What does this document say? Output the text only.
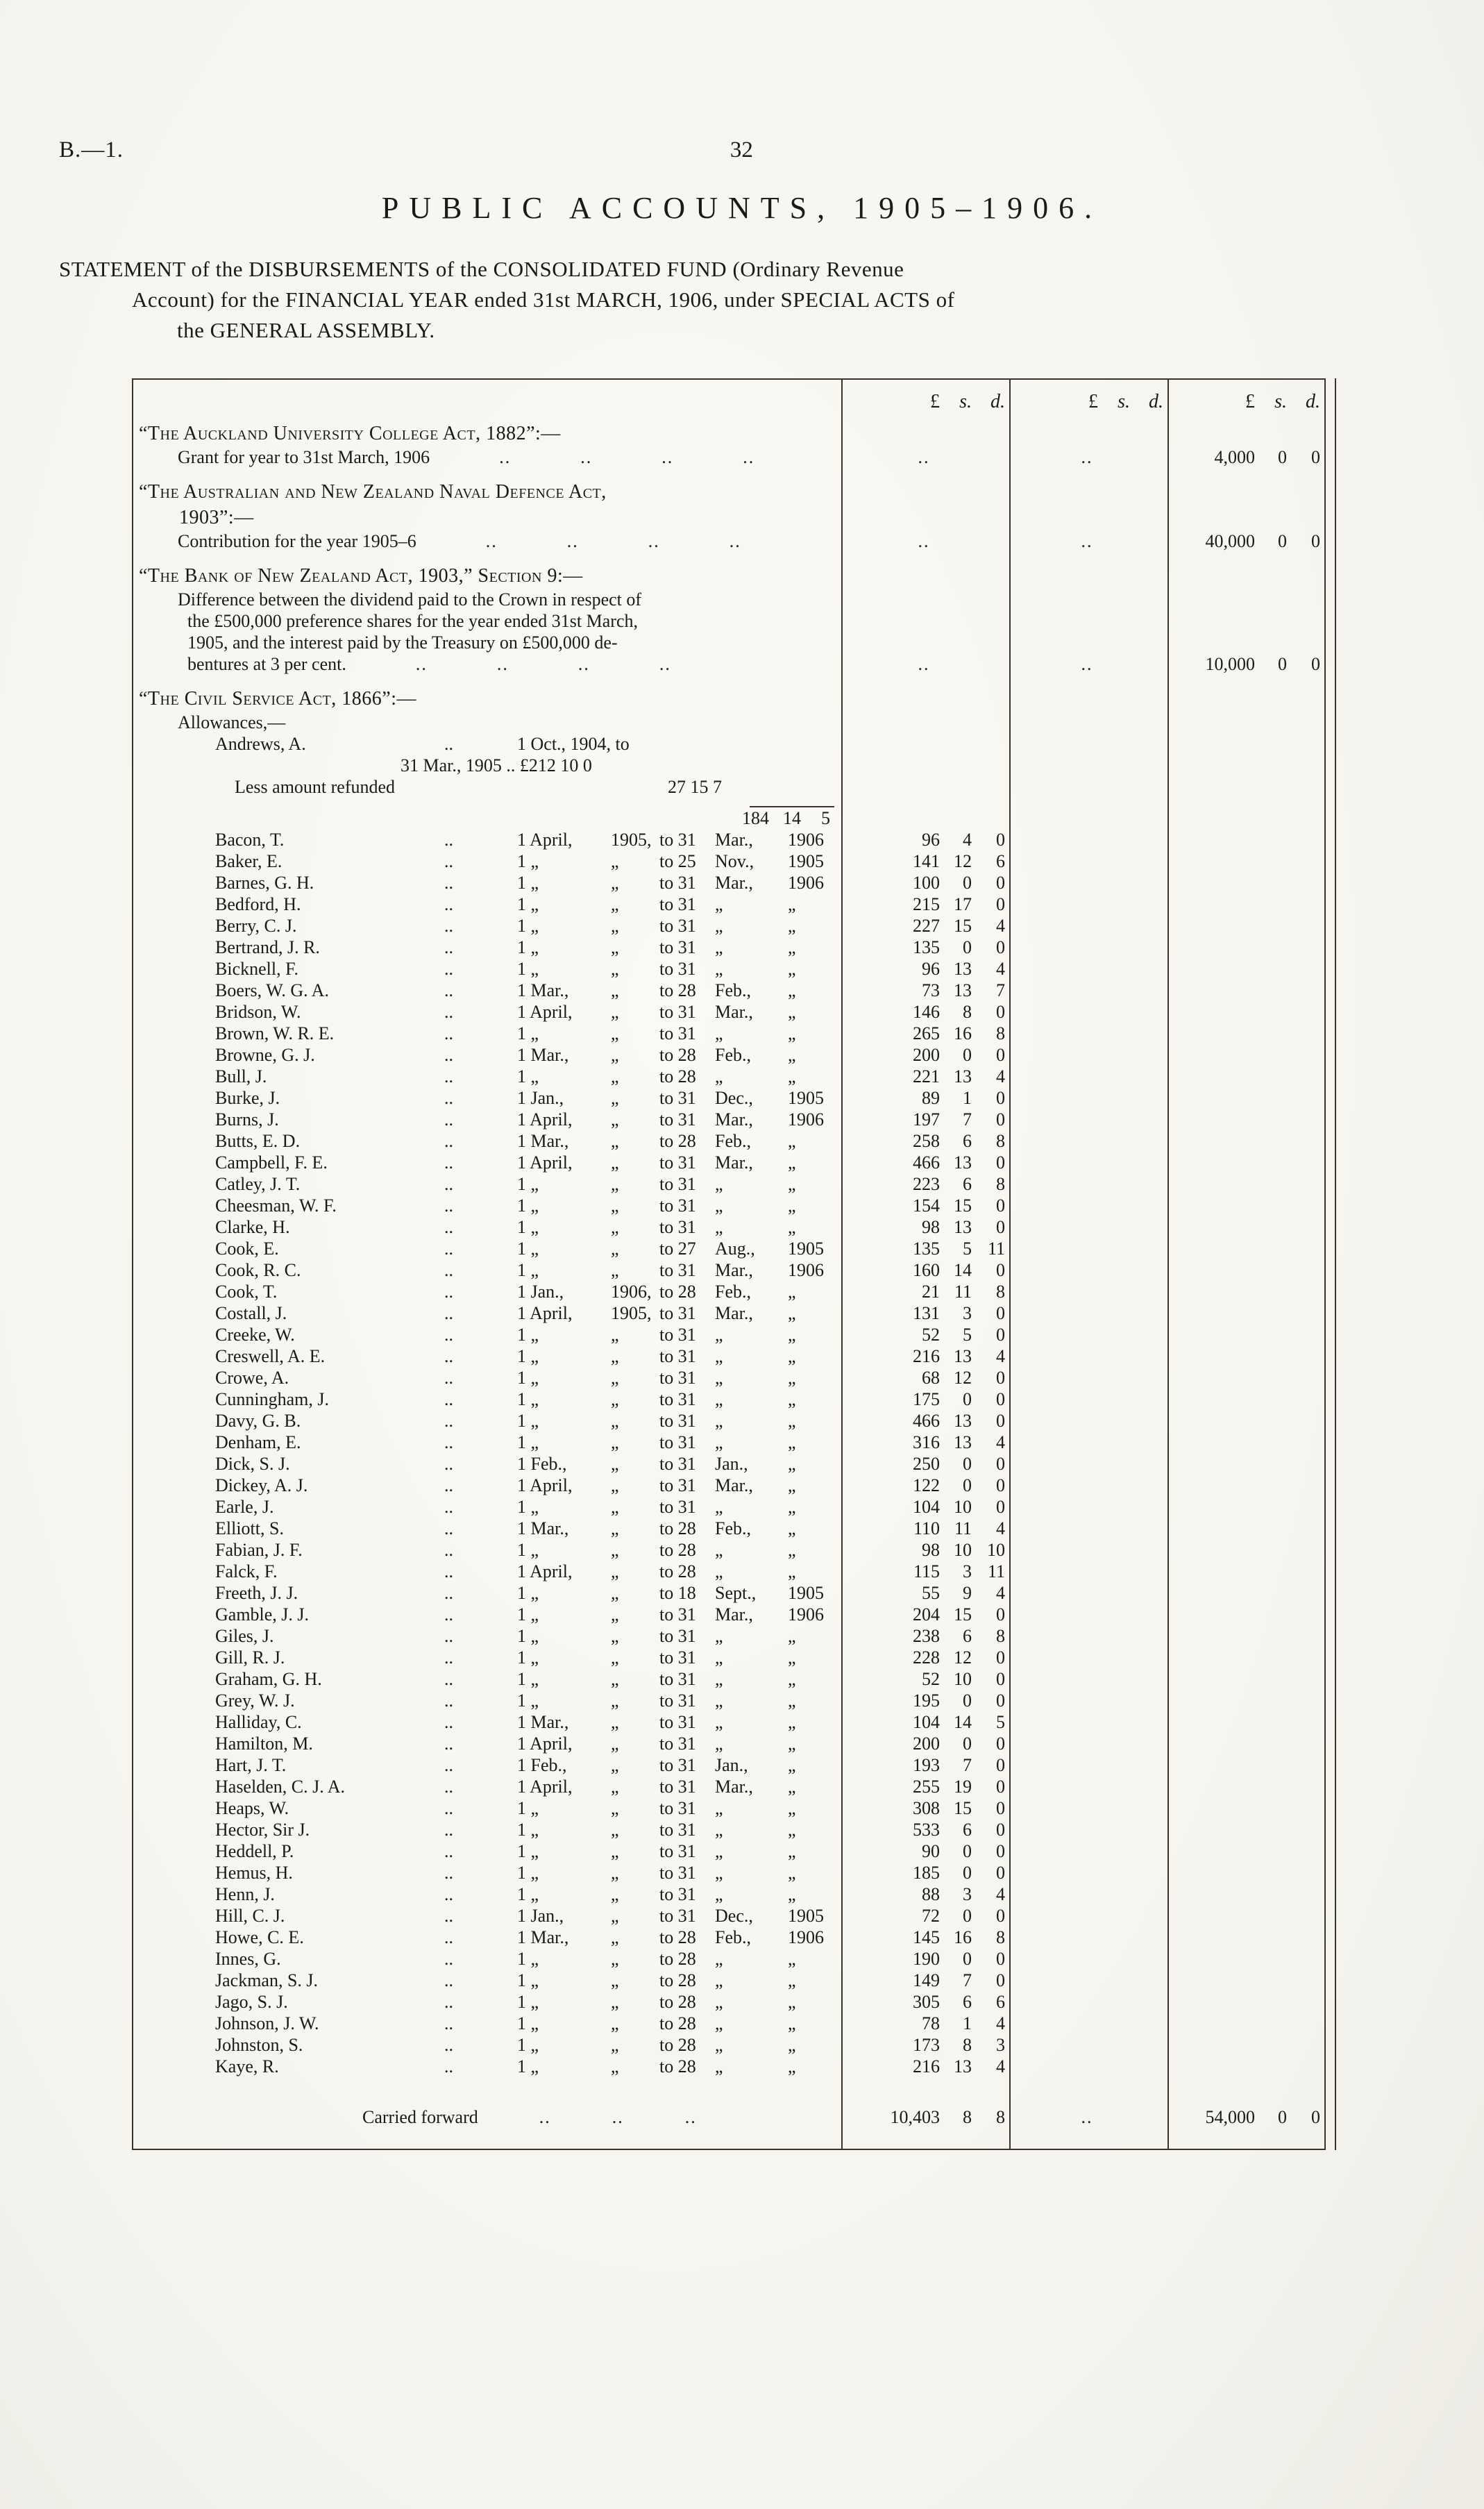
B.—1.	32
PUBLIC ACCOUNTS, 1905–1906.

STATEMENT of the DISBURSEMENTS of the CONSOLIDATED FUND (Ordinary Revenue
Account) for the FINANCIAL YEAR ended 31st MARCH, 1906, under SPECIAL ACTS of
the GENERAL ASSEMBLY.

£	s. d.	£	s. d.	£	s. d.
“The Auckland University College Act, 1882”:—
Grant for year to 31st March, 1906	..	..	..	..	..	..	4,000	0	0
“The Australian and New Zealand Naval Defence Act,
1903”:—
Contribution for the year 1905–6	..	..	..	..	..	..	40,000	0	0
“The Bank of New Zealand Act, 1903,” Section 9:—
Difference between the dividend paid to the Crown in respect of
the £500,000 preference shares for the year ended 31st March,
1905, and the interest paid by the Treasury on £500,000 de-
bentures at 3 per cent.	..	..	..	..	..	..	10,000	0	0
“The Civil Service Act, 1866”:—
Allowances,—
Andrews, A.	..	1 Oct., 1904, to
31 Mar., 1905 .. £212 10 0
Less amount refunded	27 15 7
184 14	5
Bacon, T.	..	1 April,	1905, to 31	Mar.,	1906	96	4	0
Baker, E.	..	1 „	„	to 25	Nov.,	1905	141 12	6
Barnes, G. H.	..	1 „	„	to 31	Mar.,	1906	100	0	0
Bedford, H.	..	1 „	„	to 31	„	„	215 17	0
Berry, C. J.	..	1 „	„	to 31	„	„	227 15	4
Bertrand, J. R.	..	1 „	„	to 31	„	„	135	0	0
Bicknell, F.	..	1 „	„	to 31	„	„	96 13	4
Boers, W. G. A.	..	1 Mar.,	„	to 28	Feb.,	„	73 13	7
Bridson, W.	..	1 April,	„	to 31	Mar.,	„	146	8	0
Brown, W. R. E.	..	1 „	„	to 31	„	„	265 16	8
Browne, G. J.	..	1 Mar.,	„	to 28	Feb.,	„	200	0	0
Bull, J.	..	1 „	„	to 28	„	„	221 13	4
Burke, J.	..	1 Jan.,	„	to 31	Dec.,	1905	89	1	0
Burns, J.	..	1 April,	„	to 31	Mar.,	1906	197	7	0
Butts, E. D.	..	1 Mar.,	„	to 28	Feb.,	„	258	6	8
Campbell, F. E.	..	1 April,	„	to 31	Mar.,	„	466 13	0
Catley, J. T.	..	1 „	„	to 31	„	„	223	6	8
Cheesman, W. F.	..	1 „	„	to 31	„	„	154 15	0
Clarke, H.	..	1 „	„	to 31	„	„	98 13	0
Cook, E.	..	1 „	„	to 27	Aug.,	1905	135	5 11
Cook, R. C.	..	1 „	„	to 31	Mar.,	1906	160 14	0
Cook, T.	..	1 Jan.,	1906, to 28	Feb.,	„	21 11	8
Costall, J.	..	1 April,	1905, to 31	Mar.,	„	131	3	0
Creeke, W.	..	1 „	„	to 31	„	„	52	5	0
Creswell, A. E.	..	1 „	„	to 31	„	„	216 13	4
Crowe, A.	..	1 „	„	to 31	„	„	68 12	0
Cunningham, J.	..	1 „	„	to 31	„	„	175	0	0
Davy, G. B.	..	1 „	„	to 31	„	„	466 13	0
Denham, E.	..	1 „	„	to 31	„	„	316 13	4
Dick, S. J.	..	1 Feb.,	„	to 31	Jan.,	„	250	0	0
Dickey, A. J.	..	1 April,	„	to 31	Mar.,	„	122	0	0
Earle, J.	..	1 „	„	to 31	„	„	104 10	0
Elliott, S.	..	1 Mar.,	„	to 28	Feb.,	„	110 11	4
Fabian, J. F.	..	1 „	„	to 28	„	„	98 10 10
Falck, F.	..	1 April,	„	to 28	„	„	115	3 11
Freeth, J. J.	..	1 „	„	to 18	Sept.,	1905	55	9	4
Gamble, J. J.	..	1 „	„	to 31	Mar.,	1906	204 15	0
Giles, J.	..	1 „	„	to 31	„	„	238	6	8
Gill, R. J.	..	1 „	„	to 31	„	„	228 12	0
Graham, G. H.	..	1 „	„	to 31	„	„	52 10	0
Grey, W. J.	..	1 „	„	to 31	„	„	195	0	0
Halliday, C.	..	1 Mar.,	„	to 31	„	„	104 14	5
Hamilton, M.	..	1 April,	„	to 31	„	„	200	0	0
Hart, J. T.	..	1 Feb.,	„	to 31	Jan.,	„	193	7	0
Haselden, C. J. A.	..	1 April,	„	to 31	Mar.,	„	255 19	0
Heaps, W.	..	1 „	„	to 31	„	„	308 15	0
Hector, Sir J.	..	1 „	„	to 31	„	„	533	6	0
Heddell, P.	..	1 „	„	to 31	„	„	90	0	0
Hemus, H.	..	1 „	„	to 31	„	„	185	0	0
Henn, J.	..	1 „	„	to 31	„	„	88	3	4
Hill, C. J.	..	1 Jan.,	„	to 31	Dec.,	1905	72	0	0
Howe, C. E.	..	1 Mar.,	„	to 28	Feb.,	1906	145 16	8
Innes, G.	..	1 „	„	to 28	„	„	190	0	0
Jackman, S. J.	..	1 „	„	to 28	„	„	149	7	0
Jago, S. J.	..	1 „	„	to 28	„	„	305	6	6
Johnson, J. W.	..	1 „	„	to 28	„	„	78	1	4
Johnston, S.	..	1 „	„	to 28	„	„	173	8	3
Kaye, R.	..	1 „	„	to 28	„	„	216 13	4
Carried forward	..	..	..	10,403	8	8	..	54,000	0	0
